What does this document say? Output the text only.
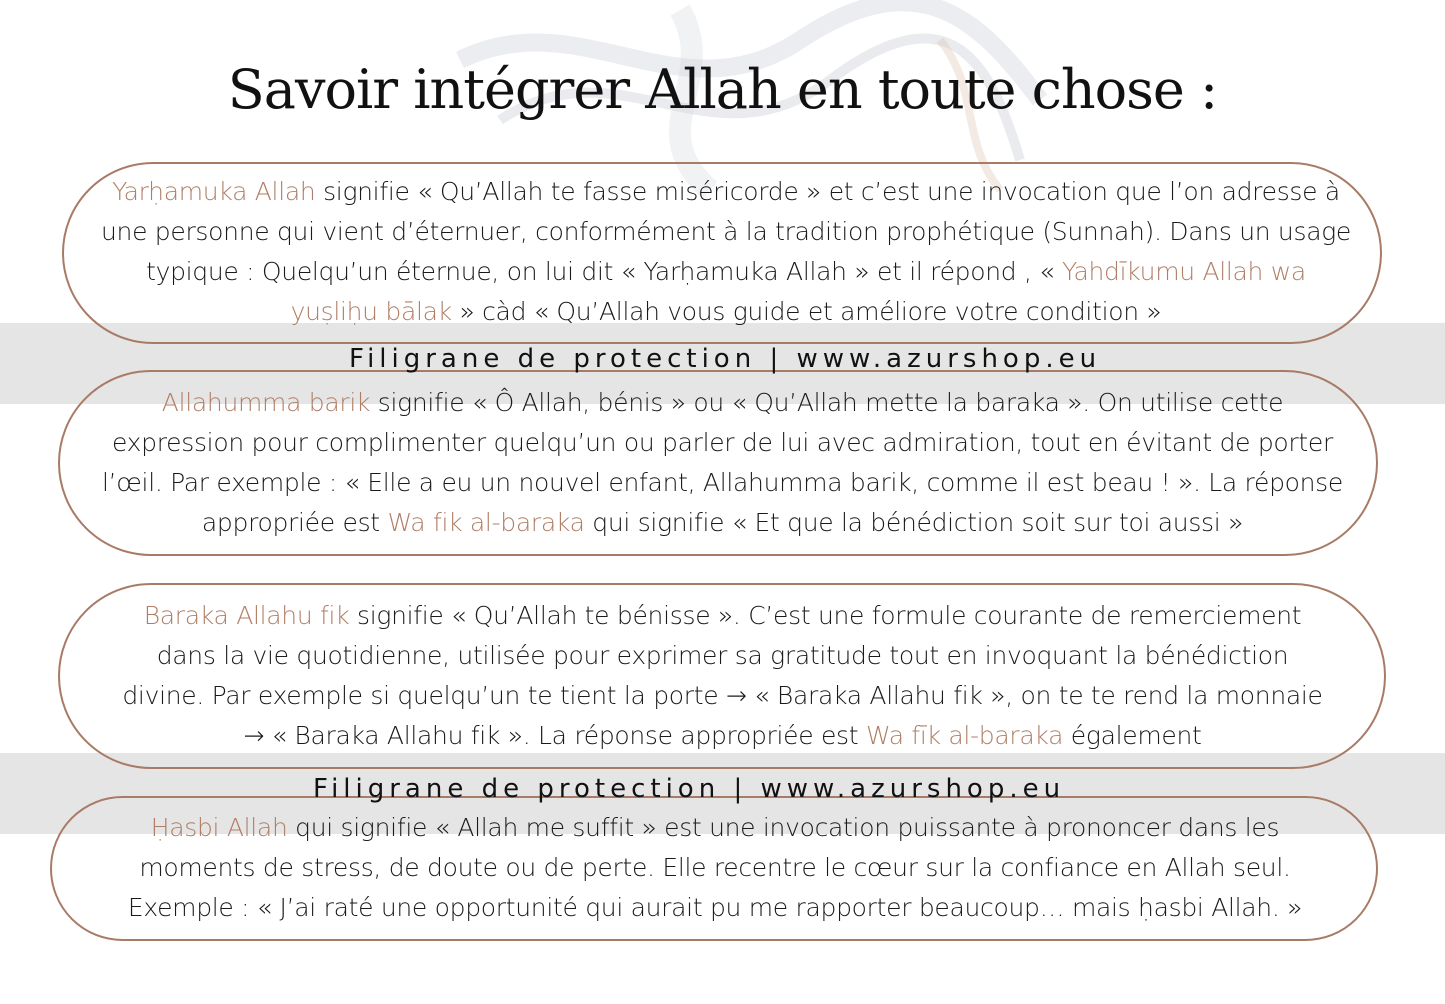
Savoir intégrer Allah en toute chose :
Yarḥamuka Allah signifie « Qu’Allah te fasse miséricorde » et c’est une invocation que l’on adresse à une personne qui vient d’éternuer, conformément à la tradition prophétique (Sunnah). Dans un usage typique : Quelqu’un éternue, on lui dit « Yarḥamuka Allah » et il répond , « Yahdīkumu Allah wa yuṣliḥu bālak » càd « Qu’Allah vous guide et améliore votre condition »
Allahumma barik signifie « Ô Allah, bénis » ou « Qu’Allah mette la baraka ». On utilise cette expression pour complimenter quelqu’un ou parler de lui avec admiration, tout en évitant de porter l’œil. Par exemple : « Elle a eu un nouvel enfant, Allahumma barik, comme il est beau ! ». La réponse appropriée est Wa fik al-baraka qui signifie « Et que la bénédiction soit sur toi aussi »
Baraka Allahu fik signifie « Qu’Allah te bénisse ». C’est une formule courante de remerciement dans la vie quotidienne, utilisée pour exprimer sa gratitude tout en invoquant la bénédiction divine. Par exemple si quelqu’un te tient la porte → « Baraka Allahu fik », on te te rend la monnaie → « Baraka Allahu fik ». La réponse appropriée est Wa fīk al-baraka également
Ḥasbi Allah qui signifie « Allah me suffit » est une invocation puissante à prononcer dans les moments de stress, de doute ou de perte. Elle recentre le cœur sur la confiance en Allah seul. Exemple : « J’ai raté une opportunité qui aurait pu me rapporter beaucoup… mais ḥasbi Allah. »
Filigrane de protection | www.azurshop.eu
Filigrane de protection | www.azurshop.eu
